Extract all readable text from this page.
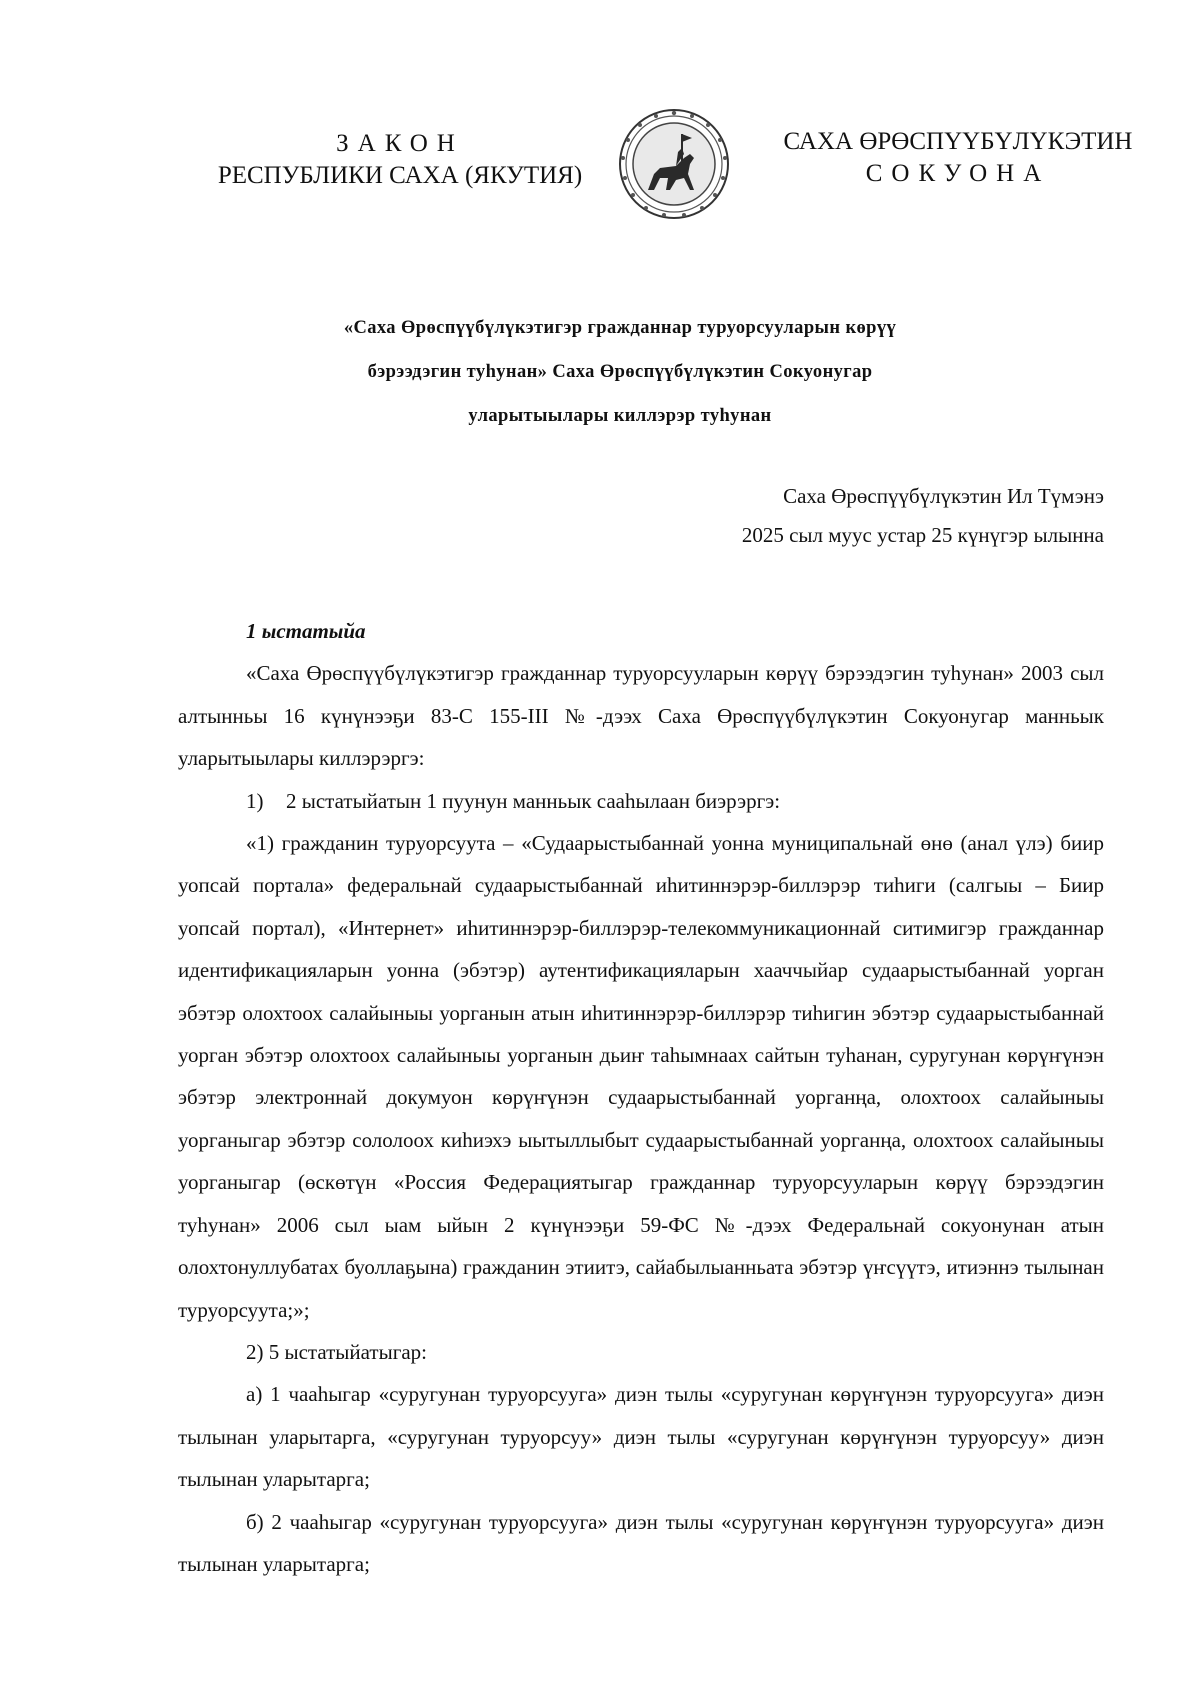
ЗАКОН
РЕСПУБЛИКИ САХА (ЯКУТИЯ)
САХА ӨРӨСПҮҮБҮЛҮКЭТИН
СОКУОНА
«Саха Өрөспүүбүлүкэтигэр гражданнар туруорсууларын көрүү
бэрээдэгин туһунан» Саха Өрөспүүбүлүкэтин Сокуонугар
уларытыылары киллэрэр туһунан
Саха Өрөспүүбүлүкэтин Ил Түмэнэ
2025 сыл муус устар 25 күнүгэр ылынна

1 ыстатыйа

«Саха Өрөспүүбүлүкэтигэр гражданнар туруорсууларын көрүү бэрээдэгин туһунан» 2003 сыл алтынньы 16 күнүнээҕи 83-С 155-III №-дээх Саха Өрөспүүбүлүкэтин Сокуонугар манньык уларытыылары киллэрэргэ:

1) 2 ыстатыйатын 1 пуунун манньык сааһылаан биэрэргэ:

«1) гражданин туруорсуута – «Судаарыстыбаннай уонна муниципальнай өнө (анал үлэ) биир уопсай портала» федеральнай судаарыстыбаннай иһитиннэрэр-биллэрэр тиһиги (салгыы – Биир уопсай портал), «Интернет» иһитиннэрэр-биллэрэр-телекоммуникационнай ситимигэр гражданнар идентификацияларын уонна (эбэтэр) аутентификацияларын хааччыйар судаарыстыбаннай уорган эбэтэр олохтоох салайыныы уорганын атын иһитиннэрэр-биллэрэр тиһигин эбэтэр судаарыстыбаннай уорган эбэтэр олохтоох салайыныы уорганын дьиҥ таһымнаах сайтын туһанан, суругунан көрүҥүнэн эбэтэр электроннай докумуон көрүҥүнэн судаарыстыбаннай уорганңа, олохтоох салайыныы уорганыгар эбэтэр сололоох киһиэхэ ыытыллыбыт судаарыстыбаннай уорганңа, олохтоох салайыныы уорганыгар (өскөтүн «Россия Федерациятыгар гражданнар туруорсууларын көрүү бэрээдэгин туһунан» 2006 сыл ыам ыйын 2 күнүнээҕи 59-ФС №-дээх Федеральнай сокуонунан атын олохтонуллубатах буоллаҕына) гражданин этиитэ, сайабылыанньата эбэтэр үҥсүүтэ, итиэннэ тылынан туруорсуута;»;

2) 5 ыстатыйатыгар:

а) 1 чааһыгар «суругунан туруорсууга» диэн тылы «суругунан көрүҥүнэн туруорсууга» диэн тылынан уларытарга, «суругунан туруорсуу» диэн тылы «суругунан көрүҥүнэн туруорсуу» диэн тылынан уларытарга;

б) 2 чааһыгар «суругунан туруорсууга» диэн тылы «суругунан көрүҥүнэн туруорсууга» диэн тылынан уларытарга;
